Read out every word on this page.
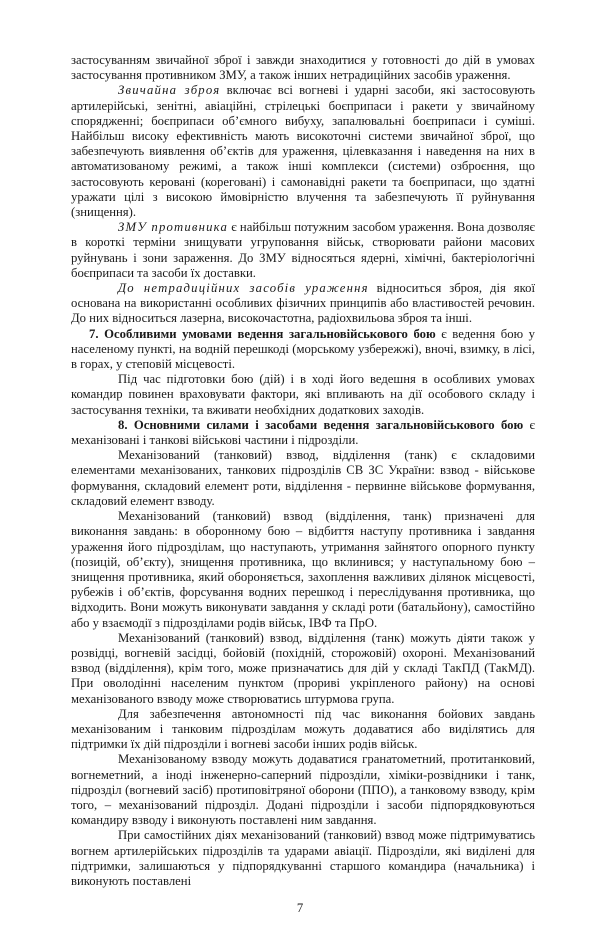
застосуванням звичайної зброї і завжди знаходитися у готовності до дій в умовах застосування противником ЗМУ, а також інших нетрадиційних засобів ураження.

Звичайна зброя включає всі вогневі і ударні засоби, які застосовують артилерійські, зенітні, авіаційні, стрілецькі боєприпаси і ракети у звичайному спорядженні; боєприпаси об’ємного вибуху, запалювальні боєприпаси і суміші. Найбільш високу ефективність мають високоточні системи звичайної зброї, що забезпечують виявлення об’єктів для ураження, цілевказання і наведення на них в автоматизованому режимі, а також інші комплекси (системи) озброєння, що застосовують керовані (кореговані) і самонавідні ракети та боєприпаси, що здатні уражати цілі з високою ймовірністю влучення та забезпечують її руйнування (знищення).

ЗМУ противника є найбільш потужним засобом ураження. Вона дозволяє в короткі терміни знищувати угруповання військ, створювати райони масових руйнувань і зони зараження. До ЗМУ відносяться ядерні, хімічні, бактеріологічні боєприпаси та засоби їх доставки.

До нетрадиційних засобів ураження відноситься зброя, дія якої основана на використанні особливих фізичних принципів або властивостей речовин. До них відноситься лазерна, високочастотна, радіохвильова зброя та інші.

7. Особливими умовами ведення загальновійськового бою є ведення бою у населеному пункті, на водній перешкоді (морському узбережжі), вночі, взимку, в лісі, в горах, у степовій місцевості.

Під час підготовки бою (дій) і в ході його ведешня в особливих умовах командир повинен враховувати фактори, які впливають на дії особового складу і застосування техніки, та вживати необхідних додаткових заходів.

8. Основними силами і засобами ведення загальновійськового бою є механізовані і танкові військові частини і підрозділи.

Механізований (танковий) взвод, відділення (танк) є складовими елементами механізованих, танкових підрозділів СВ ЗС України: взвод - військове формування, складовий елемент роти, відділення - первинне військове формування, складовий елемент взводу.

Механізований (танковий) взвод (відділення, танк) призначені для виконання завдань: в оборонному бою – відбиття наступу противника і завдання ураження його підрозділам, що наступають, утримання зайнятого опорного пункту (позицій, об’єкту), знищення противника, що вклинився; у наступальному бою – знищення противника, який обороняється, захоплення важливих ділянок місцевості, рубежів і об’єктів, форсування водних перешкод і переслідування противника, що відходить. Вони можуть виконувати завдання у складі роти (батальйону), самостійно або у взаємодії з підрозділами родів військ, ІВФ та ПрО.

Механізований (танковий) взвод, відділення (танк) можуть діяти також у розвідці, вогневій засідці, бойовій (похідній, сторожовій) охороні. Механізований взвод (відділення), крім того, може призначатись для дій у складі ТакПД (ТакМД). При оволодінні населеним пунктом (прориві укріпленого району) на основі механізованого взводу може створюватись штурмова група.

Для забезпечення автономності під час виконання бойових завдань механізованим і танковим підрозділам можуть додаватися або виділятись для підтримки їх дій підрозділи і вогневі засоби інших родів військ.

Механізованому взводу можуть додаватися гранатометний, протитанковий, вогнеметний, а іноді інженерно-саперний підрозділи, хіміки-розвідники і танк, підрозділ (вогневий засіб) протиповітряної оборони (ППО), а танковому взводу, крім того, – механізований підрозділ. Додані підрозділи і засоби підпорядковуються командиру взводу і виконують поставлені ним завдання.

При самостійних діях механізований (танковий) взвод може підтримуватись вогнем артилерійських підрозділів та ударами авіації. Підрозділи, які виділені для підтримки, залишаються у підпорядкуванні старшого командира (начальника) і виконують поставлені

7
